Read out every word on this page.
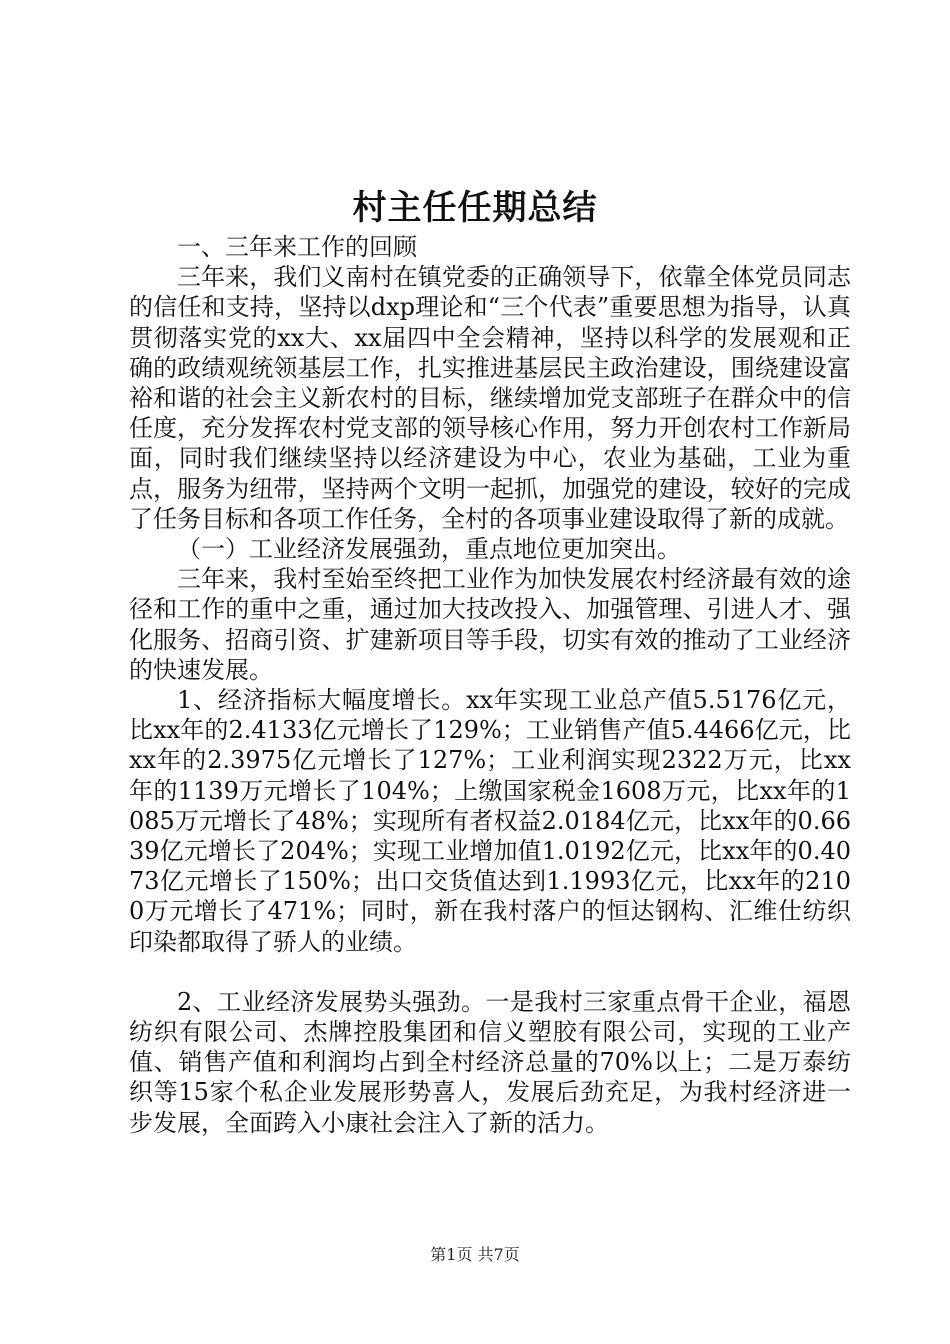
村主任任期总结

一、三年来工作的回顾

三年来，我们义南村在镇党委的正确领导下，依靠全体党员同志的信任和支持，坚持以dxp理论和“三个代表”重要思想为指导，认真贯彻落实党的xx大、xx届四中全会精神，坚持以科学的发展观和正确的政绩观统领基层工作，扎实推进基层民主政治建设，围绕建设富裕和谐的社会主义新农村的目标，继续增加党支部班子在群众中的信任度，充分发挥农村党支部的领导核心作用，努力开创农村工作新局面，同时我们继续坚持以经济建设为中心，农业为基础，工业为重点，服务为纽带，坚持两个文明一起抓，加强党的建设，较好的完成了任务目标和各项工作任务，全村的各项事业建设取得了新的成就。

（一）工业经济发展强劲，重点地位更加突出。

三年来，我村至始至终把工业作为加快发展农村经济最有效的途径和工作的重中之重，通过加大技改投入、加强管理、引进人才、强化服务、招商引资、扩建新项目等手段，切实有效的推动了工业经济的快速发展。

1、经济指标大幅度增长。xx年实现工业总产值5.5176亿元，比xx年的2.4133亿元增长了129%；工业销售产值5.4466亿元，比xx年的2.3975亿元增长了127%；工业利润实现2322万元，比xx年的1139万元增长了104%；上缴国家税金1608万元，比xx年的1085万元增长了48%；实现所有者权益2.0184亿元，比xx年的0.6639亿元增长了204%；实现工业增加值1.0192亿元，比xx年的0.4073亿元增长了150%；出口交货值达到1.1993亿元，比xx年的2100万元增长了471%；同时，新在我村落户的恒达钢构、汇维仕纺织印染都取得了骄人的业绩。

2、工业经济发展势头强劲。一是我村三家重点骨干企业，福恩纺织有限公司、杰牌控股集团和信义塑胶有限公司，实现的工业产值、销售产值和利润均占到全村经济总量的70%以上；二是万泰纺织等15家个私企业发展形势喜人，发展后劲充足，为我村经济进一步发展，全面跨入小康社会注入了新的活力。

第1页 共7页
